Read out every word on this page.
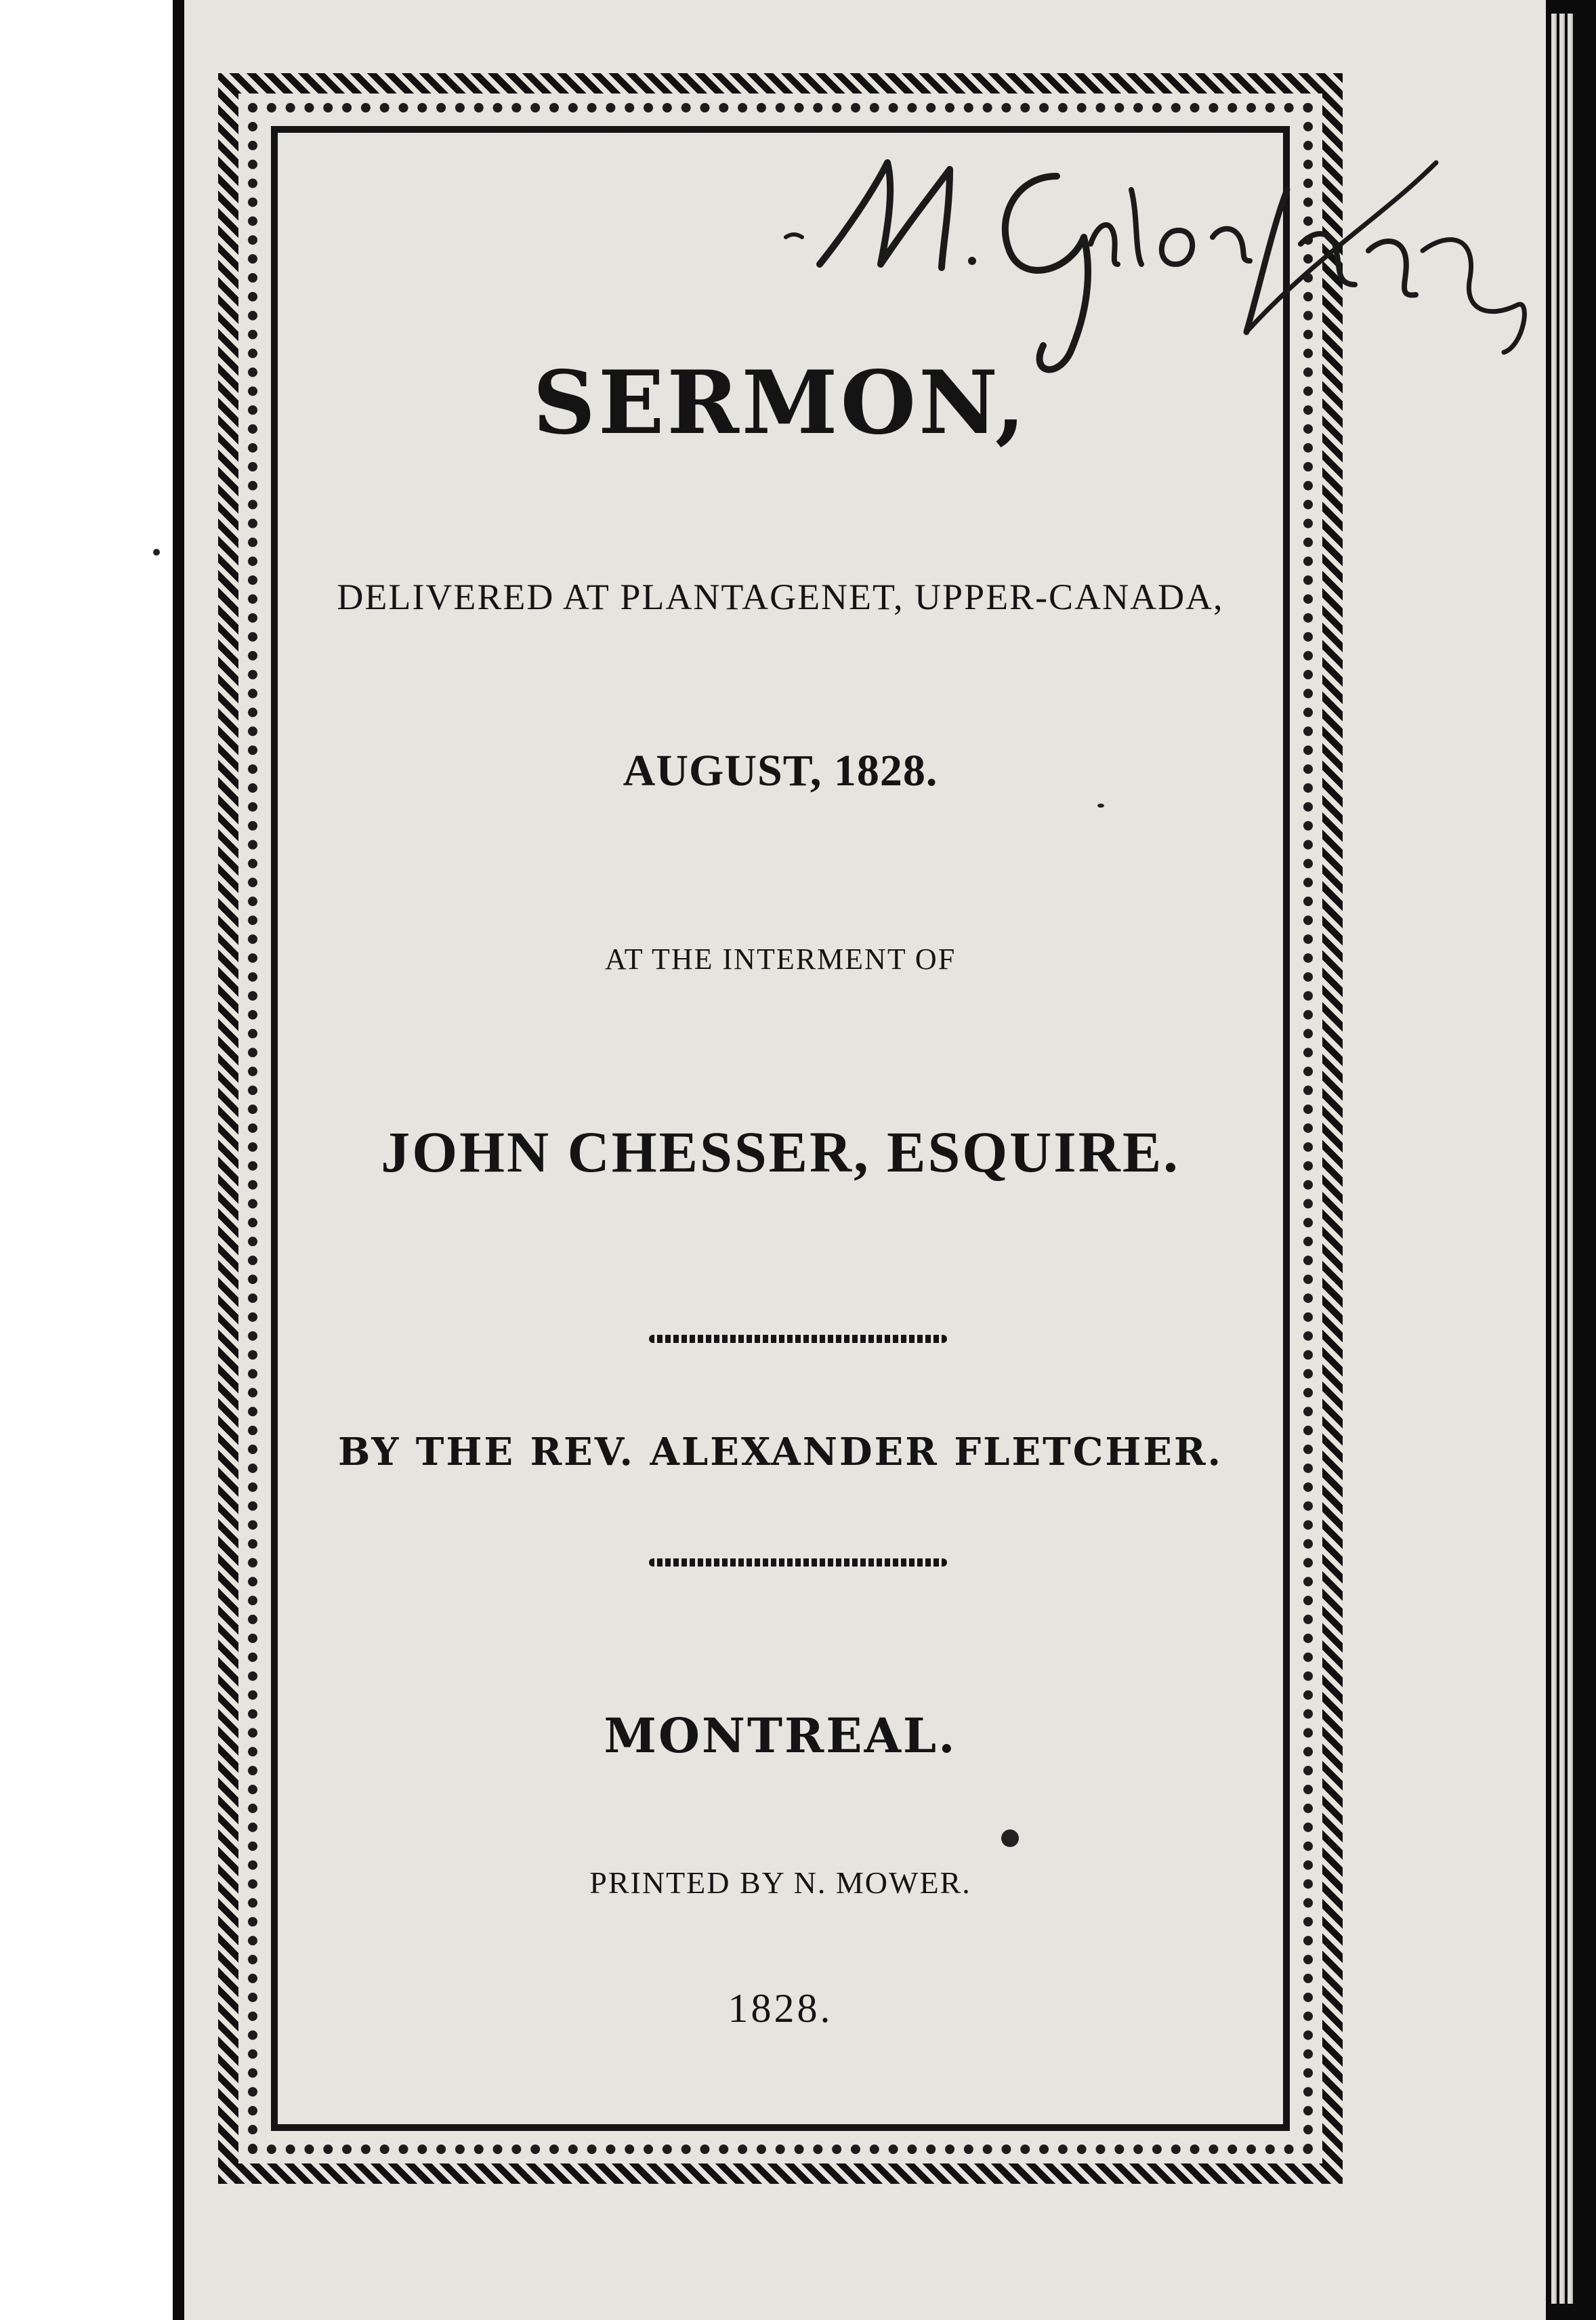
SERMON,

DELIVERED AT PLANTAGENET, UPPER-CANADA,

AUGUST, 1828.

AT THE INTERMENT OF

JOHN CHESSER, ESQUIRE.

BY THE REV. ALEXANDER FLETCHER.

MONTREAL.

PRINTED BY N. MOWER.

1828.
